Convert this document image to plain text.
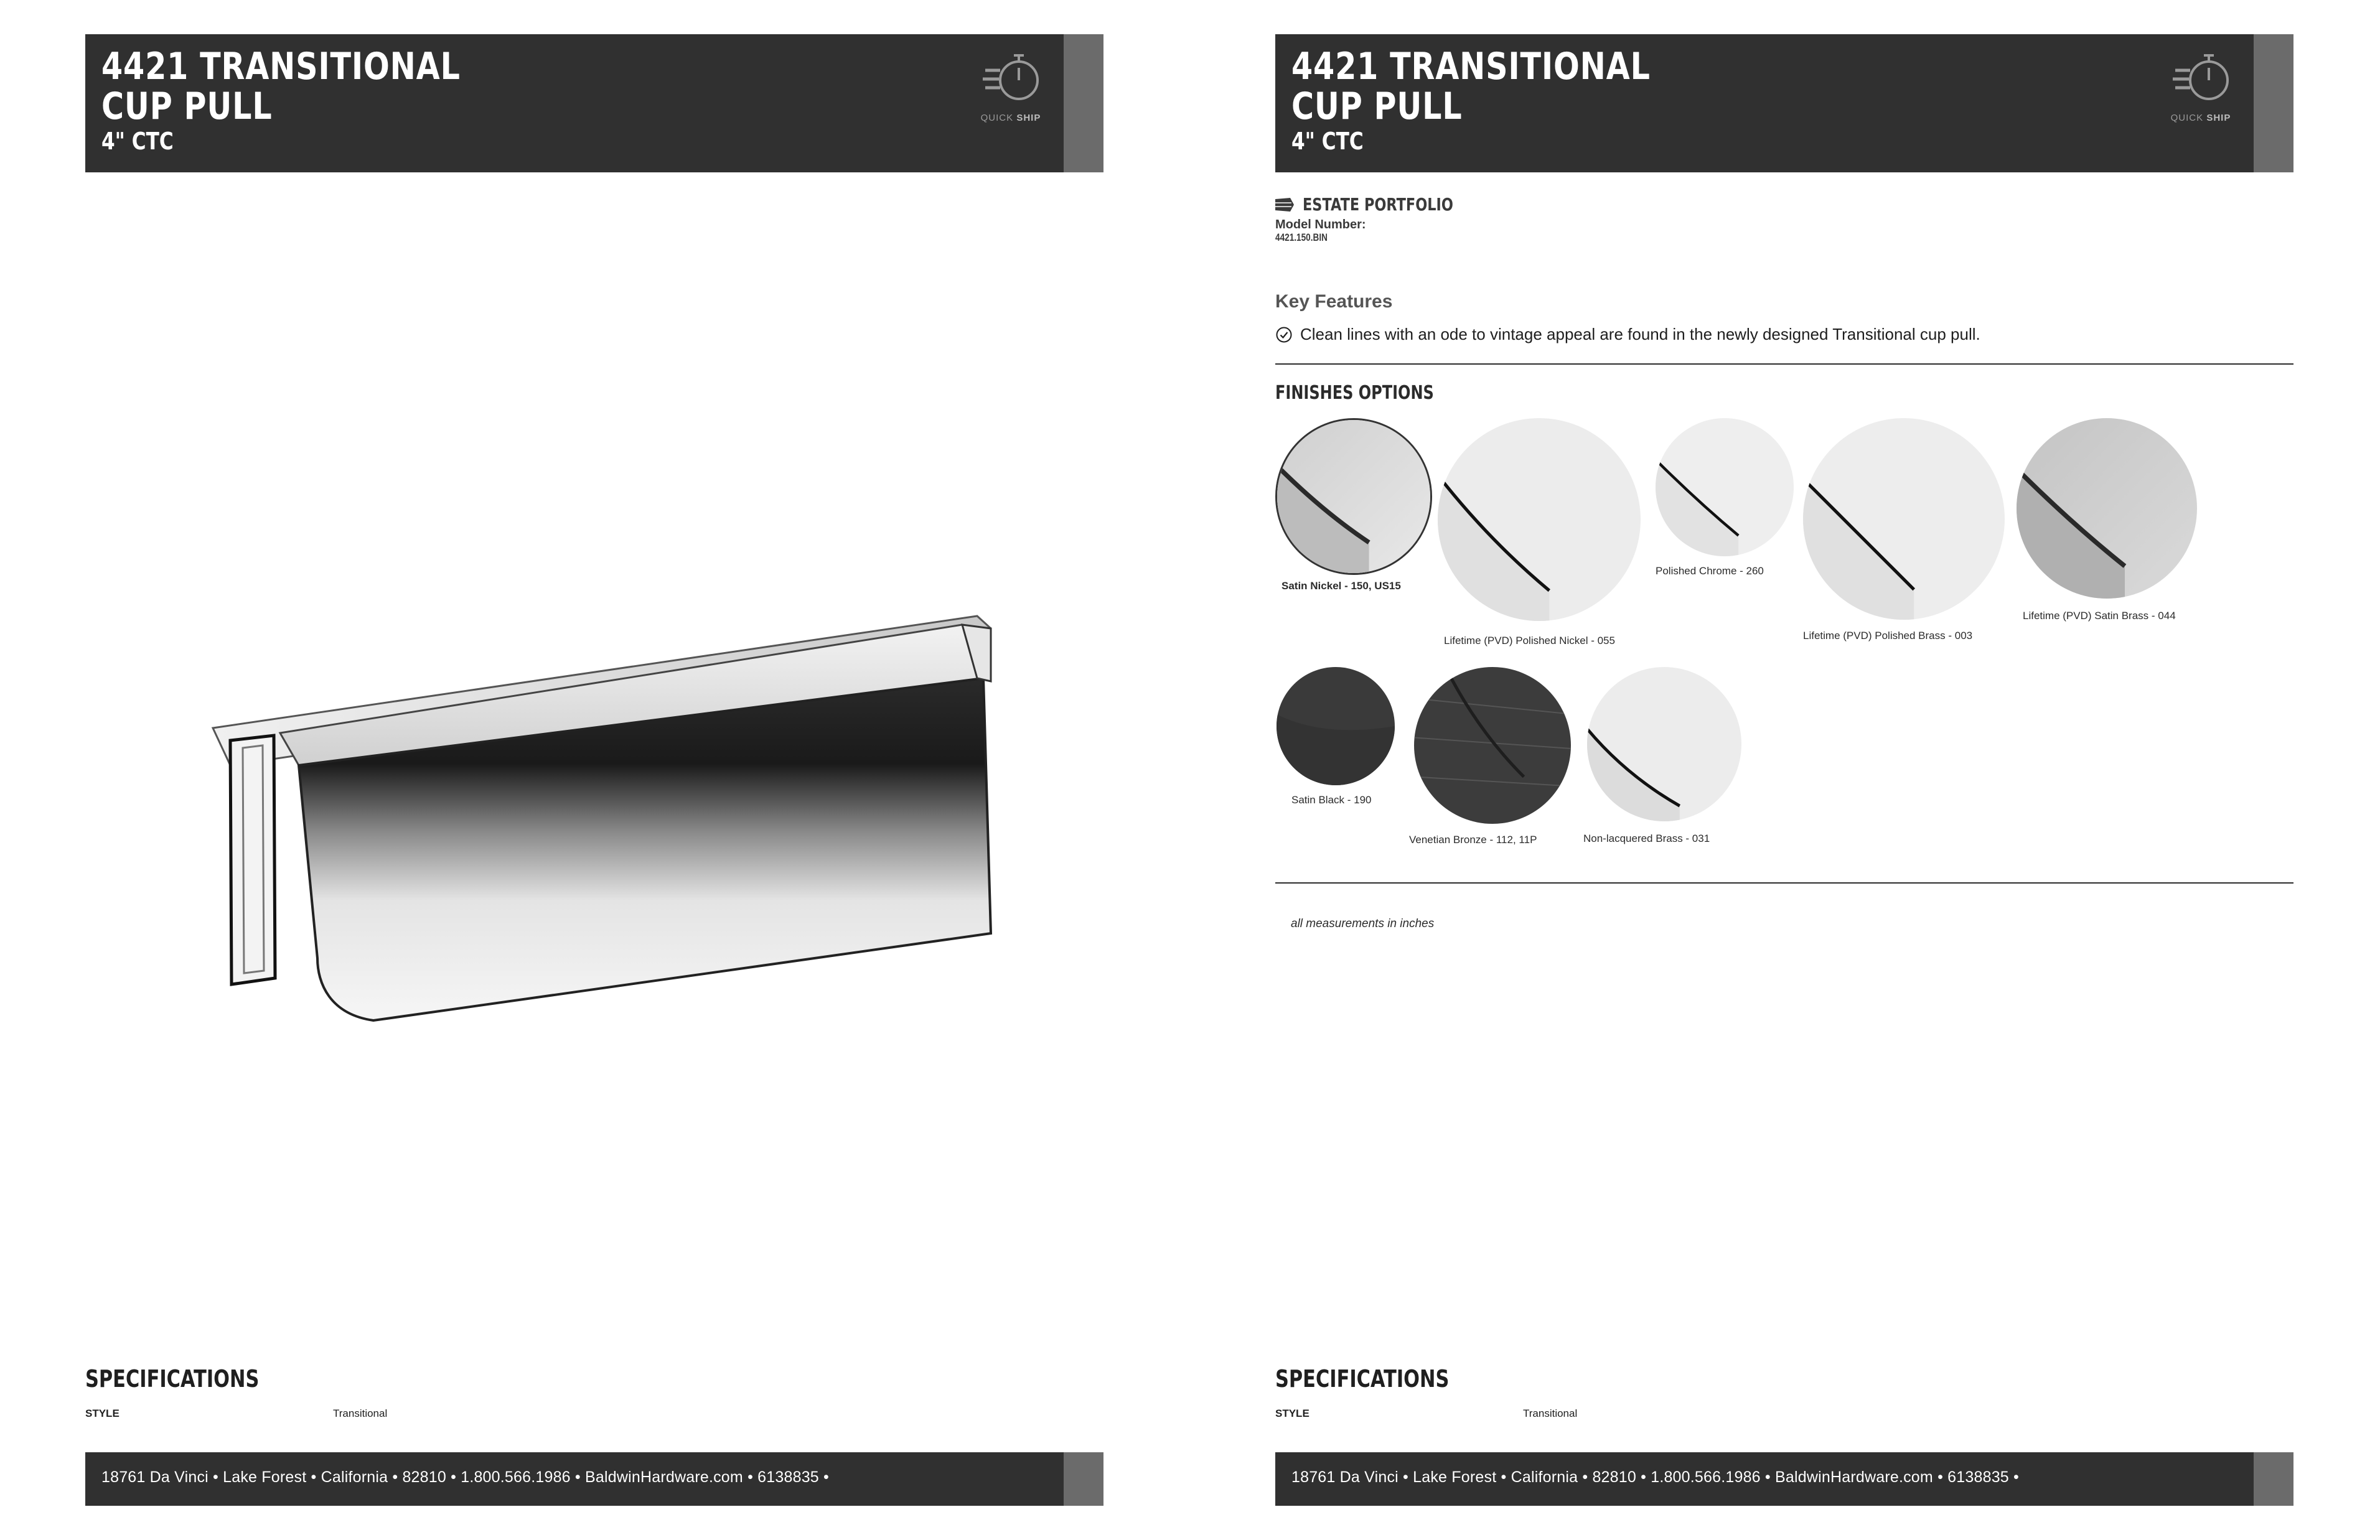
4421 TRANSITIONAL
CUP PULL
4" CTC
QUICK SHIP
SPECIFICATIONS
STYLE	Transitional
18761 Da Vinci • Lake Forest • California • 82810 • 1.800.566.1986 • BaldwinHardware.com • 6138835 •
4421 TRANSITIONAL
CUP PULL
4" CTC
QUICK SHIP
ESTATE PORTFOLIO
Model Number:
4421.150.BIN
Key Features
Clean lines with an ode to vintage appeal are found in the newly designed Transitional cup pull.
FINISHES OPTIONS
Satin Nickel - 150, US15
Lifetime (PVD) Polished Nickel - 055
Polished Chrome - 260
Lifetime (PVD) Polished Brass - 003
Lifetime (PVD) Satin Brass - 044
Satin Black - 190
Venetian Bronze - 112, 11P	Non-lacquered Brass - 031
all measurements in inches
SPECIFICATIONS
STYLE	Transitional
18761 Da Vinci • Lake Forest • California • 82810 • 1.800.566.1986 • BaldwinHardware.com • 6138835 •
